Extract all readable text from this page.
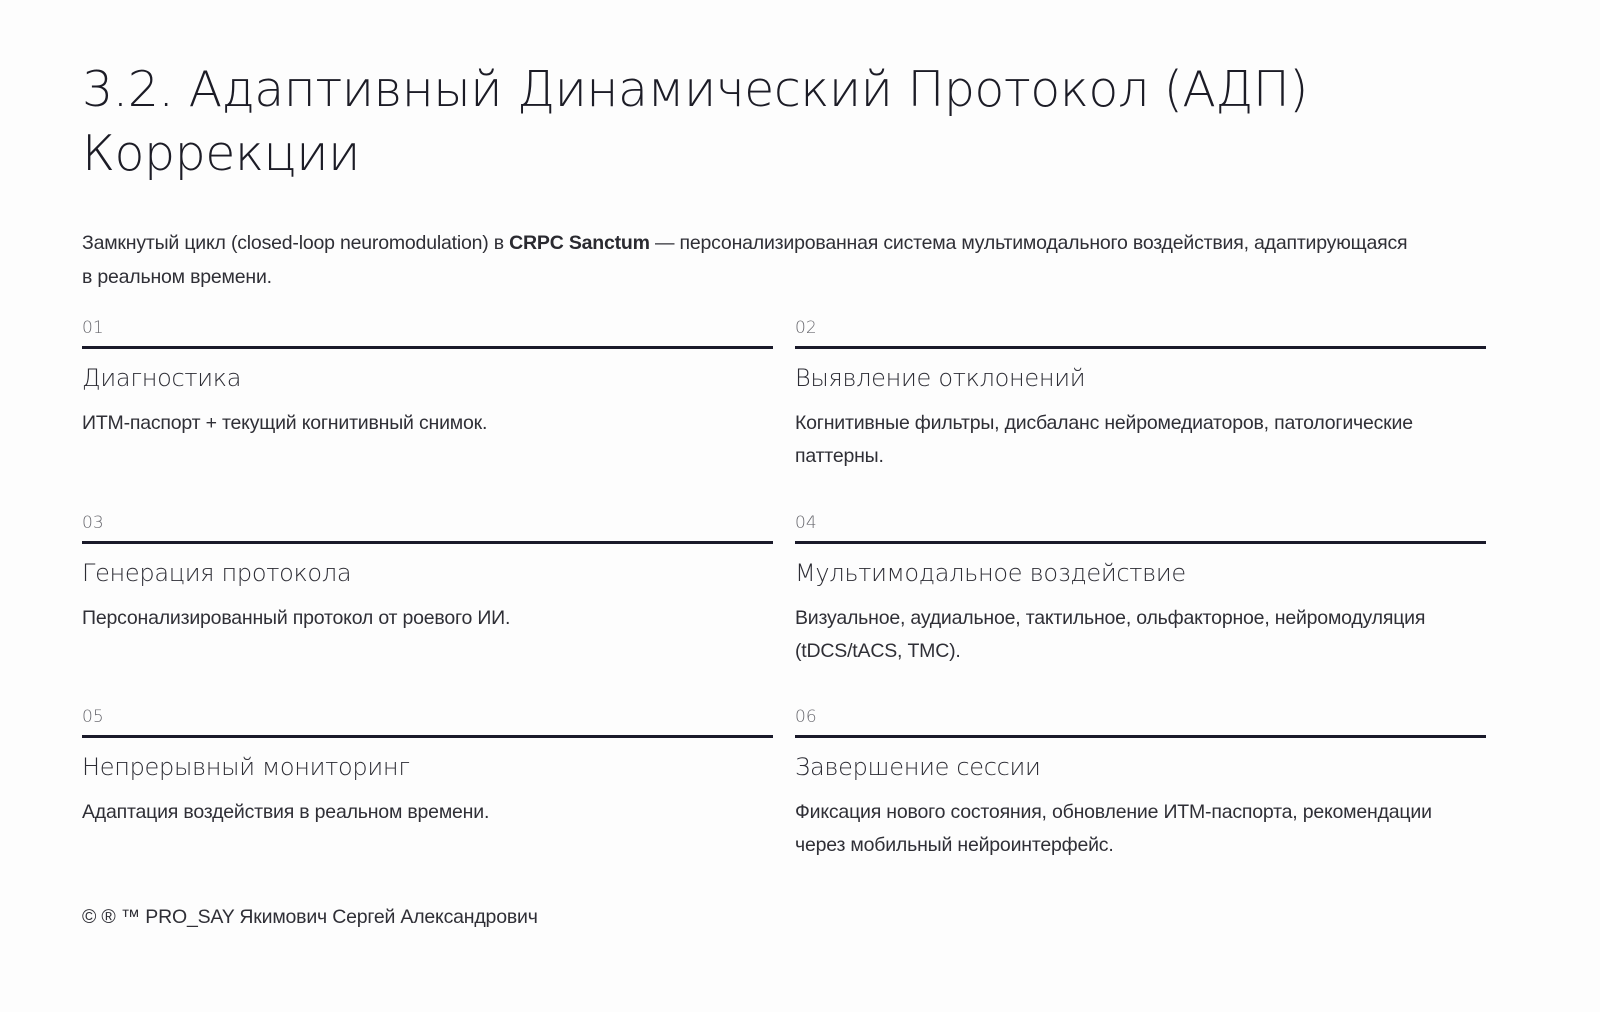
3.2. Адаптивный Динамический Протокол (АДП) Коррекции

Замкнутый цикл (closed-loop neuromodulation) в CRPC Sanctum — персонализированная система мультимодального воздействия, адаптирующаяся в реальном времени.

01
Диагностика
ИТМ-паспорт + текущий когнитивный снимок.
02
Выявление отклонений
Когнитивные фильтры, дисбаланс нейромедиаторов, патологические паттерны.
03
Генерация протокола
Персонализированный протокол от роевого ИИ.
04
Мультимодальное воздействие
Визуальное, аудиальное, тактильное, ольфакторное, нейромодуляция (tDCS/tACS, ТМС).
05
Непрерывный мониторинг
Адаптация воздействия в реальном времени.
06
Завершение сессии
Фиксация нового состояния, обновление ИТМ-паспорта, рекомендации через мобильный нейроинтерфейс.
© ® ™ PRO_SAY Якимович Сергей Александрович
